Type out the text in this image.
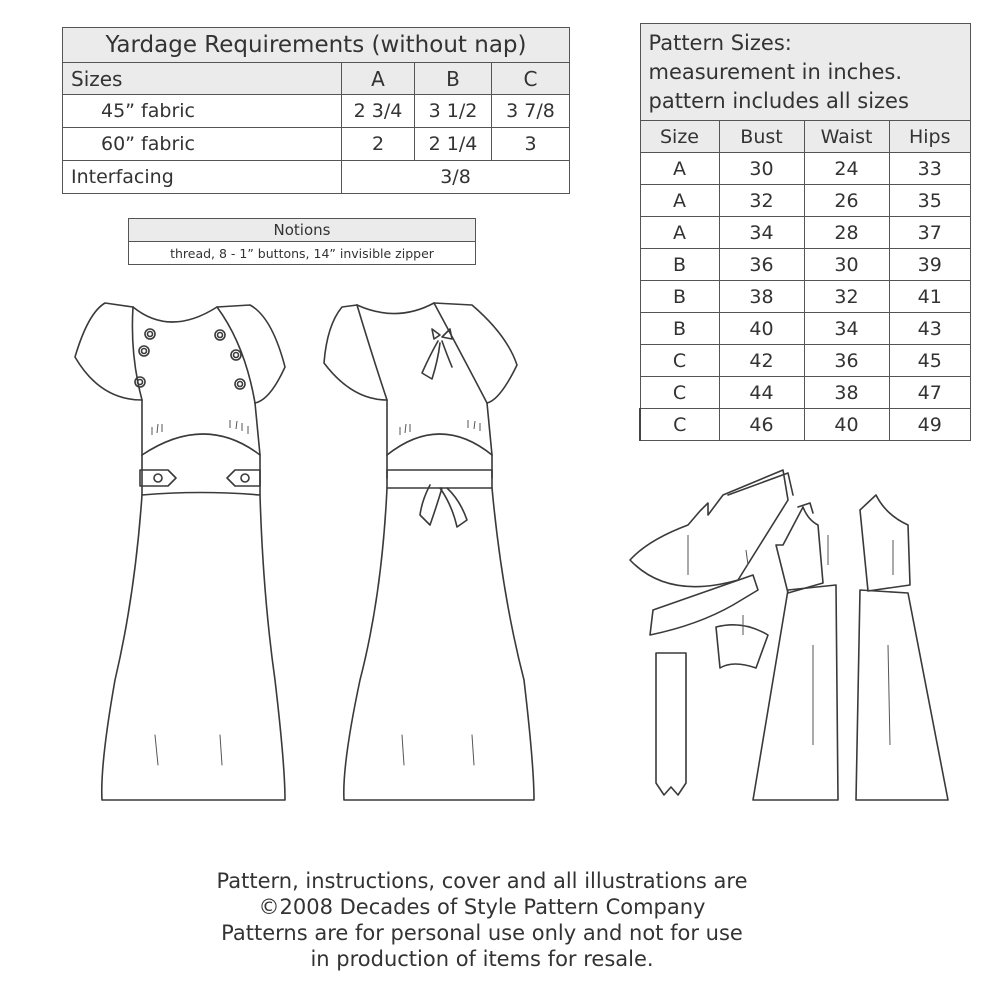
Yardage Requirements (without nap)			
Sizes	A	B	C
45” fabric	2 3/4	3 1/2	3 7/8
60” fabric	2	2 1/4	3
Interfacing	3/8		
Notions
thread, 8 - 1” buttons, 14” invisible zipper
Pattern Sizes:
measurement in inches.
pattern includes all sizes			

Size	Bust	Waist	Hips
A	30	24	33
A	32	26	35
A	34	28	37
B	36	30	39
B	38	32	41
B	40	34	43
C	42	36	45
C	44	38	47
C	46	40	49
Pattern, instructions, cover and all illustrations are
©2008 Decades of Style Pattern Company
Patterns are for personal use only and not for use
in production of items for resale.
